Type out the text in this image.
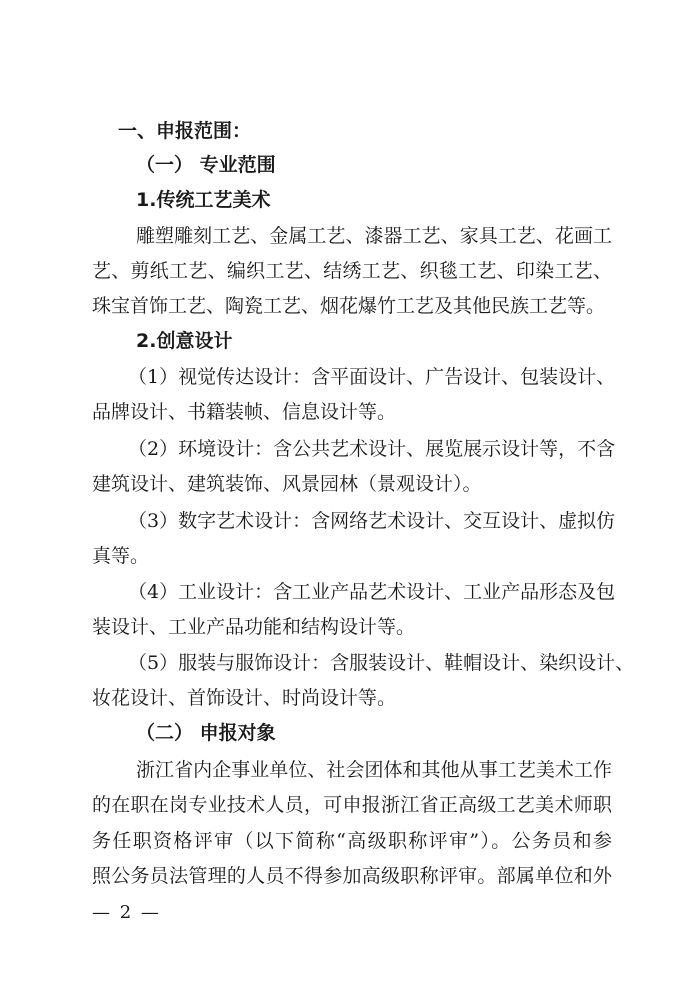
一、申报范围：
（一） 专业范围
1.传统工艺美术
雕塑雕刻工艺、金属工艺、漆器工艺、家具工艺、花画工
艺、剪纸工艺、编织工艺、结绣工艺、织毯工艺、印染工艺、
珠宝首饰工艺、陶瓷工艺、烟花爆竹工艺及其他民族工艺等。
2.创意设计
（1）视觉传达设计：含平面设计、广告设计、包装设计、
品牌设计、书籍装帧、信息设计等。
（2）环境设计：含公共艺术设计、展览展示设计等，不含
建筑设计、建筑装饰、风景园林（景观设计）。
（3）数字艺术设计：含网络艺术设计、交互设计、虚拟仿
真等。
（4）工业设计：含工业产品艺术设计、工业产品形态及包
装设计、工业产品功能和结构设计等。
（5）服装与服饰设计：含服装设计、鞋帽设计、染织设计、
妆花设计、首饰设计、时尚设计等。
（二） 申报对象
浙江省内企事业单位、社会团体和其他从事工艺美术工作
的在职在岗专业技术人员，可申报浙江省正高级工艺美术师职
务任职资格评审（以下简称“高级职称评审”）。公务员和参
照公务员法管理的人员不得参加高级职称评审。部属单位和外
— 2 —
